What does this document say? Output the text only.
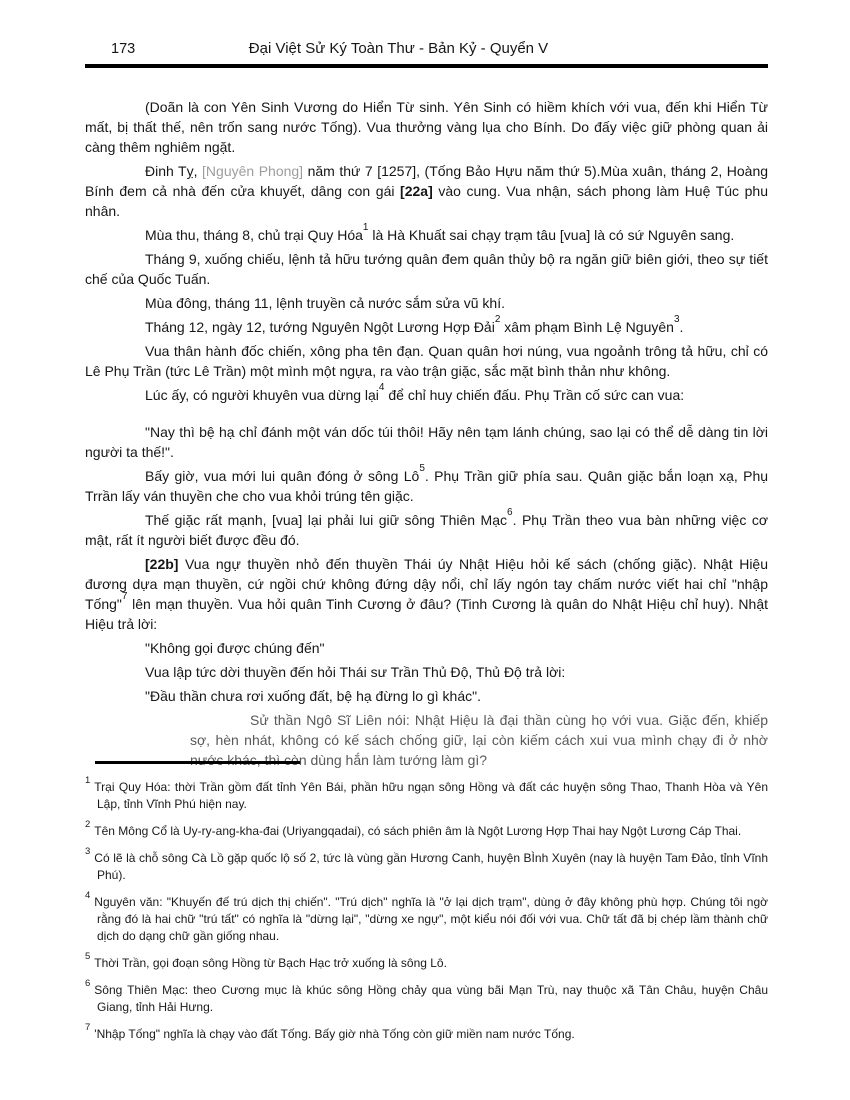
173	Đại Việt Sử Ký Toàn Thư - Bản Kỷ - Quyển V

(Doãn là con Yên Sinh Vương do Hiển Từ sinh. Yên Sinh có hiềm khích với vua, đến khi Hiển Từ mất, bị thất thế, nên trốn sang nước Tống). Vua thưởng vàng lụa cho Bính. Do đấy việc giữ phòng quan ải càng thêm nghiêm ngặt.

Đinh Tỵ, [Nguyên Phong] năm thứ 7 [1257], (Tống Bảo Hựu năm thứ 5).Mùa xuân, tháng 2, Hoàng Bính đem cả nhà đến cửa khuyết, dâng con gái [22a] vào cung. Vua nhận, sách phong làm Huệ Túc phu nhân.

Mùa thu, tháng 8, chủ trại Quy Hóa$^1$ là Hà Khuất sai chạy trạm tâu [vua] là có sứ Nguyên sang.

Tháng 9, xuống chiếu, lệnh tả hữu tướng quân đem quân thủy bộ ra ngăn giữ biên giới, theo sự tiết chế của Quốc Tuấn.

Mùa đông, tháng 11, lệnh truyền cả nước sắm sửa vũ khí.

Tháng 12, ngày 12, tướng Nguyên Ngột Lương Hợp Đải$^2$ xâm phạm Bình Lệ Nguyên$^3$.

Vua thân hành đốc chiến, xông pha tên đạn. Quan quân hơi núng, vua ngoảnh trông tả hữu, chỉ có Lê Phụ Trần (tức Lê Trần) một mình một ngựa, ra vào trận giặc, sắc mặt bình thản như không.

Lúc ấy, có người khuyên vua dừng lại$^4$ để chỉ huy chiến đấu. Phụ Trần cố sức can vua:

"Nay thì bệ hạ chỉ đánh một ván dốc túi thôi! Hãy nên tạm lánh chúng, sao lại có thể dễ dàng tin lời người ta thế!".

Bấy giờ, vua mới lui quân đóng ở sông Lô$^5$. Phụ Trần giữ phía sau. Quân giặc bắn loạn xạ, Phụ Trrần lấy ván thuyền che cho vua khỏi trúng tên giặc.

Thế giặc rất mạnh, [vua] lại phải lui giữ sông Thiên Mạc$^6$. Phụ Trần theo vua bàn những việc cơ mật, rất ít người biết được đều đó.

[22b] Vua ngự thuyền nhỏ đến thuyền Thái úy Nhật Hiệu hỏi kế sách (chống giặc). Nhật Hiệu đương dựa mạn thuyền, cứ ngồi chứ không đứng dậy nổi, chỉ lấy ngón tay chấm nước viết hai chỉ "nhập Tống"$^7$ lên mạn thuyền. Vua hỏi quân Tinh Cương ở đâu? (Tinh Cương là quân do Nhật Hiệu chỉ huy). Nhật Hiệu trả lời:

"Không gọi được chúng đến"

Vua lập tức dời thuyền đến hỏi Thái sư Trần Thủ Độ, Thủ Độ trả lời:

"Đầu thần chưa rơi xuống đất, bệ hạ đừng lo gì khác".

Sử thần Ngô Sĩ Liên nói: Nhật Hiệu là đại thần cùng họ với vua. Giặc đến, khiếp sợ, hèn nhát, không có kế sách chống giữ, lại còn kiếm cách xui vua mình chạy đi ở nhờ nước khác, thì còn dùng hắn làm tướng làm gì?

$^1$ Trại Quy Hóa: thời Trần gồm đất tỉnh Yên Bái, phần hữu ngạn sông Hồng và đất các huyện sông Thao, Thanh Hòa và Yên Lập, tỉnh Vĩnh Phú hiện nay.

$^2$ Tên Mông Cổ là Uy-ry-ang-kha-đai (Uriyangqadai), có sách phiên âm là Ngột Lương Hợp Thai hay Ngột Lương Cáp Thai.

$^3$ Có lẽ là chỗ sông Cà Lồ gặp quốc lộ số 2, tức là vùng gần Hương Canh, huyện BÌnh Xuyên (nay là huyện Tam Đảo, tỉnh Vĩnh Phú).

$^4$ Nguyên văn: "Khuyến đế trú dịch thị chiến". "Trú dịch" nghĩa là "ở lại dịch trạm", dùng ở đây không phù hợp. Chúng tôi ngờ rằng đó là hai chữ "trú tất" có nghĩa là "dừng lại", "dừng xe ngự", một kiểu nói đối với vua. Chữ tất đã bị chép lầm thành chữ dịch do dạng chữ gần giống nhau.

$^5$ Thời Trần, gọi đoạn sông Hồng từ Bạch Hạc trở xuống là sông Lô.

$^6$ Sông Thiên Mạc: theo Cương mục là khúc sông Hồng chảy qua vùng bãi Mạn Trù, nay thuộc xã Tân Châu, huyện Châu Giang, tỉnh Hải Hưng.

$^7$ 'Nhập Tống" nghĩa là chạy vào đất Tống. Bấy giờ nhà Tống còn giữ miền nam nước Tống.
